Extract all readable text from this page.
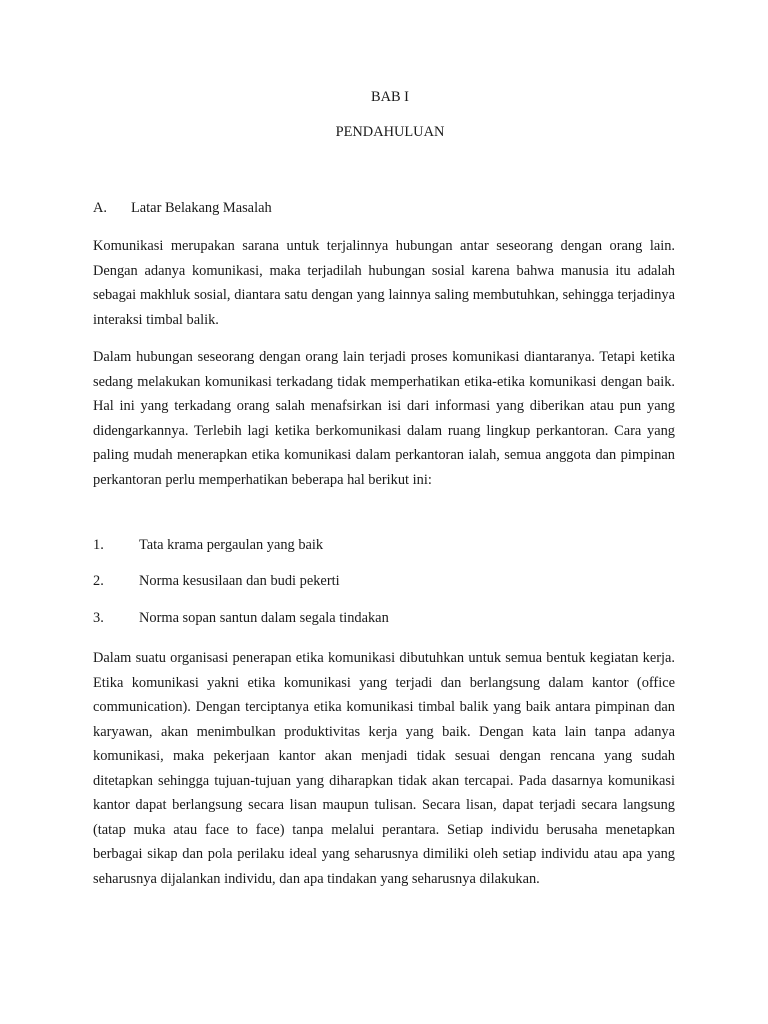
BAB I
PENDAHULUAN
A. Latar Belakang Masalah

Komunikasi merupakan sarana untuk terjalinnya hubungan antar seseorang dengan orang lain. Dengan adanya komunikasi, maka terjadilah hubungan sosial karena bahwa manusia itu adalah sebagai makhluk sosial, diantara satu dengan yang lainnya saling membutuhkan, sehingga terjadinya interaksi timbal balik.

Dalam hubungan seseorang dengan orang lain terjadi proses komunikasi diantaranya. Tetapi ketika sedang melakukan komunikasi terkadang tidak memperhatikan etika-etika komunikasi dengan baik. Hal ini yang terkadang orang salah menafsirkan isi dari informasi yang diberikan atau pun yang didengarkannya. Terlebih lagi ketika berkomunikasi dalam ruang lingkup perkantoran. Cara yang paling mudah menerapkan etika komunikasi dalam perkantoran ialah, semua anggota dan pimpinan perkantoran perlu memperhatikan beberapa hal berikut ini:

1. Tata krama pergaulan yang baik
2. Norma kesusilaan dan budi pekerti
3. Norma sopan santun dalam segala tindakan

Dalam suatu organisasi penerapan etika komunikasi dibutuhkan untuk semua bentuk kegiatan kerja. Etika komunikasi yakni etika komunikasi yang terjadi dan berlangsung dalam kantor (office communication). Dengan terciptanya etika komunikasi timbal balik yang baik antara pimpinan dan karyawan, akan menimbulkan produktivitas kerja yang baik. Dengan kata lain tanpa adanya komunikasi, maka pekerjaan kantor akan menjadi tidak sesuai dengan rencana yang sudah ditetapkan sehingga tujuan-tujuan yang diharapkan tidak akan tercapai. Pada dasarnya komunikasi kantor dapat berlangsung secara lisan maupun tulisan. Secara lisan, dapat terjadi secara langsung (tatap muka atau face to face) tanpa melalui perantara. Setiap individu berusaha menetapkan berbagai sikap dan pola perilaku ideal yang seharusnya dimiliki oleh setiap individu atau apa yang seharusnya dijalankan individu, dan apa tindakan yang seharusnya dilakukan.
